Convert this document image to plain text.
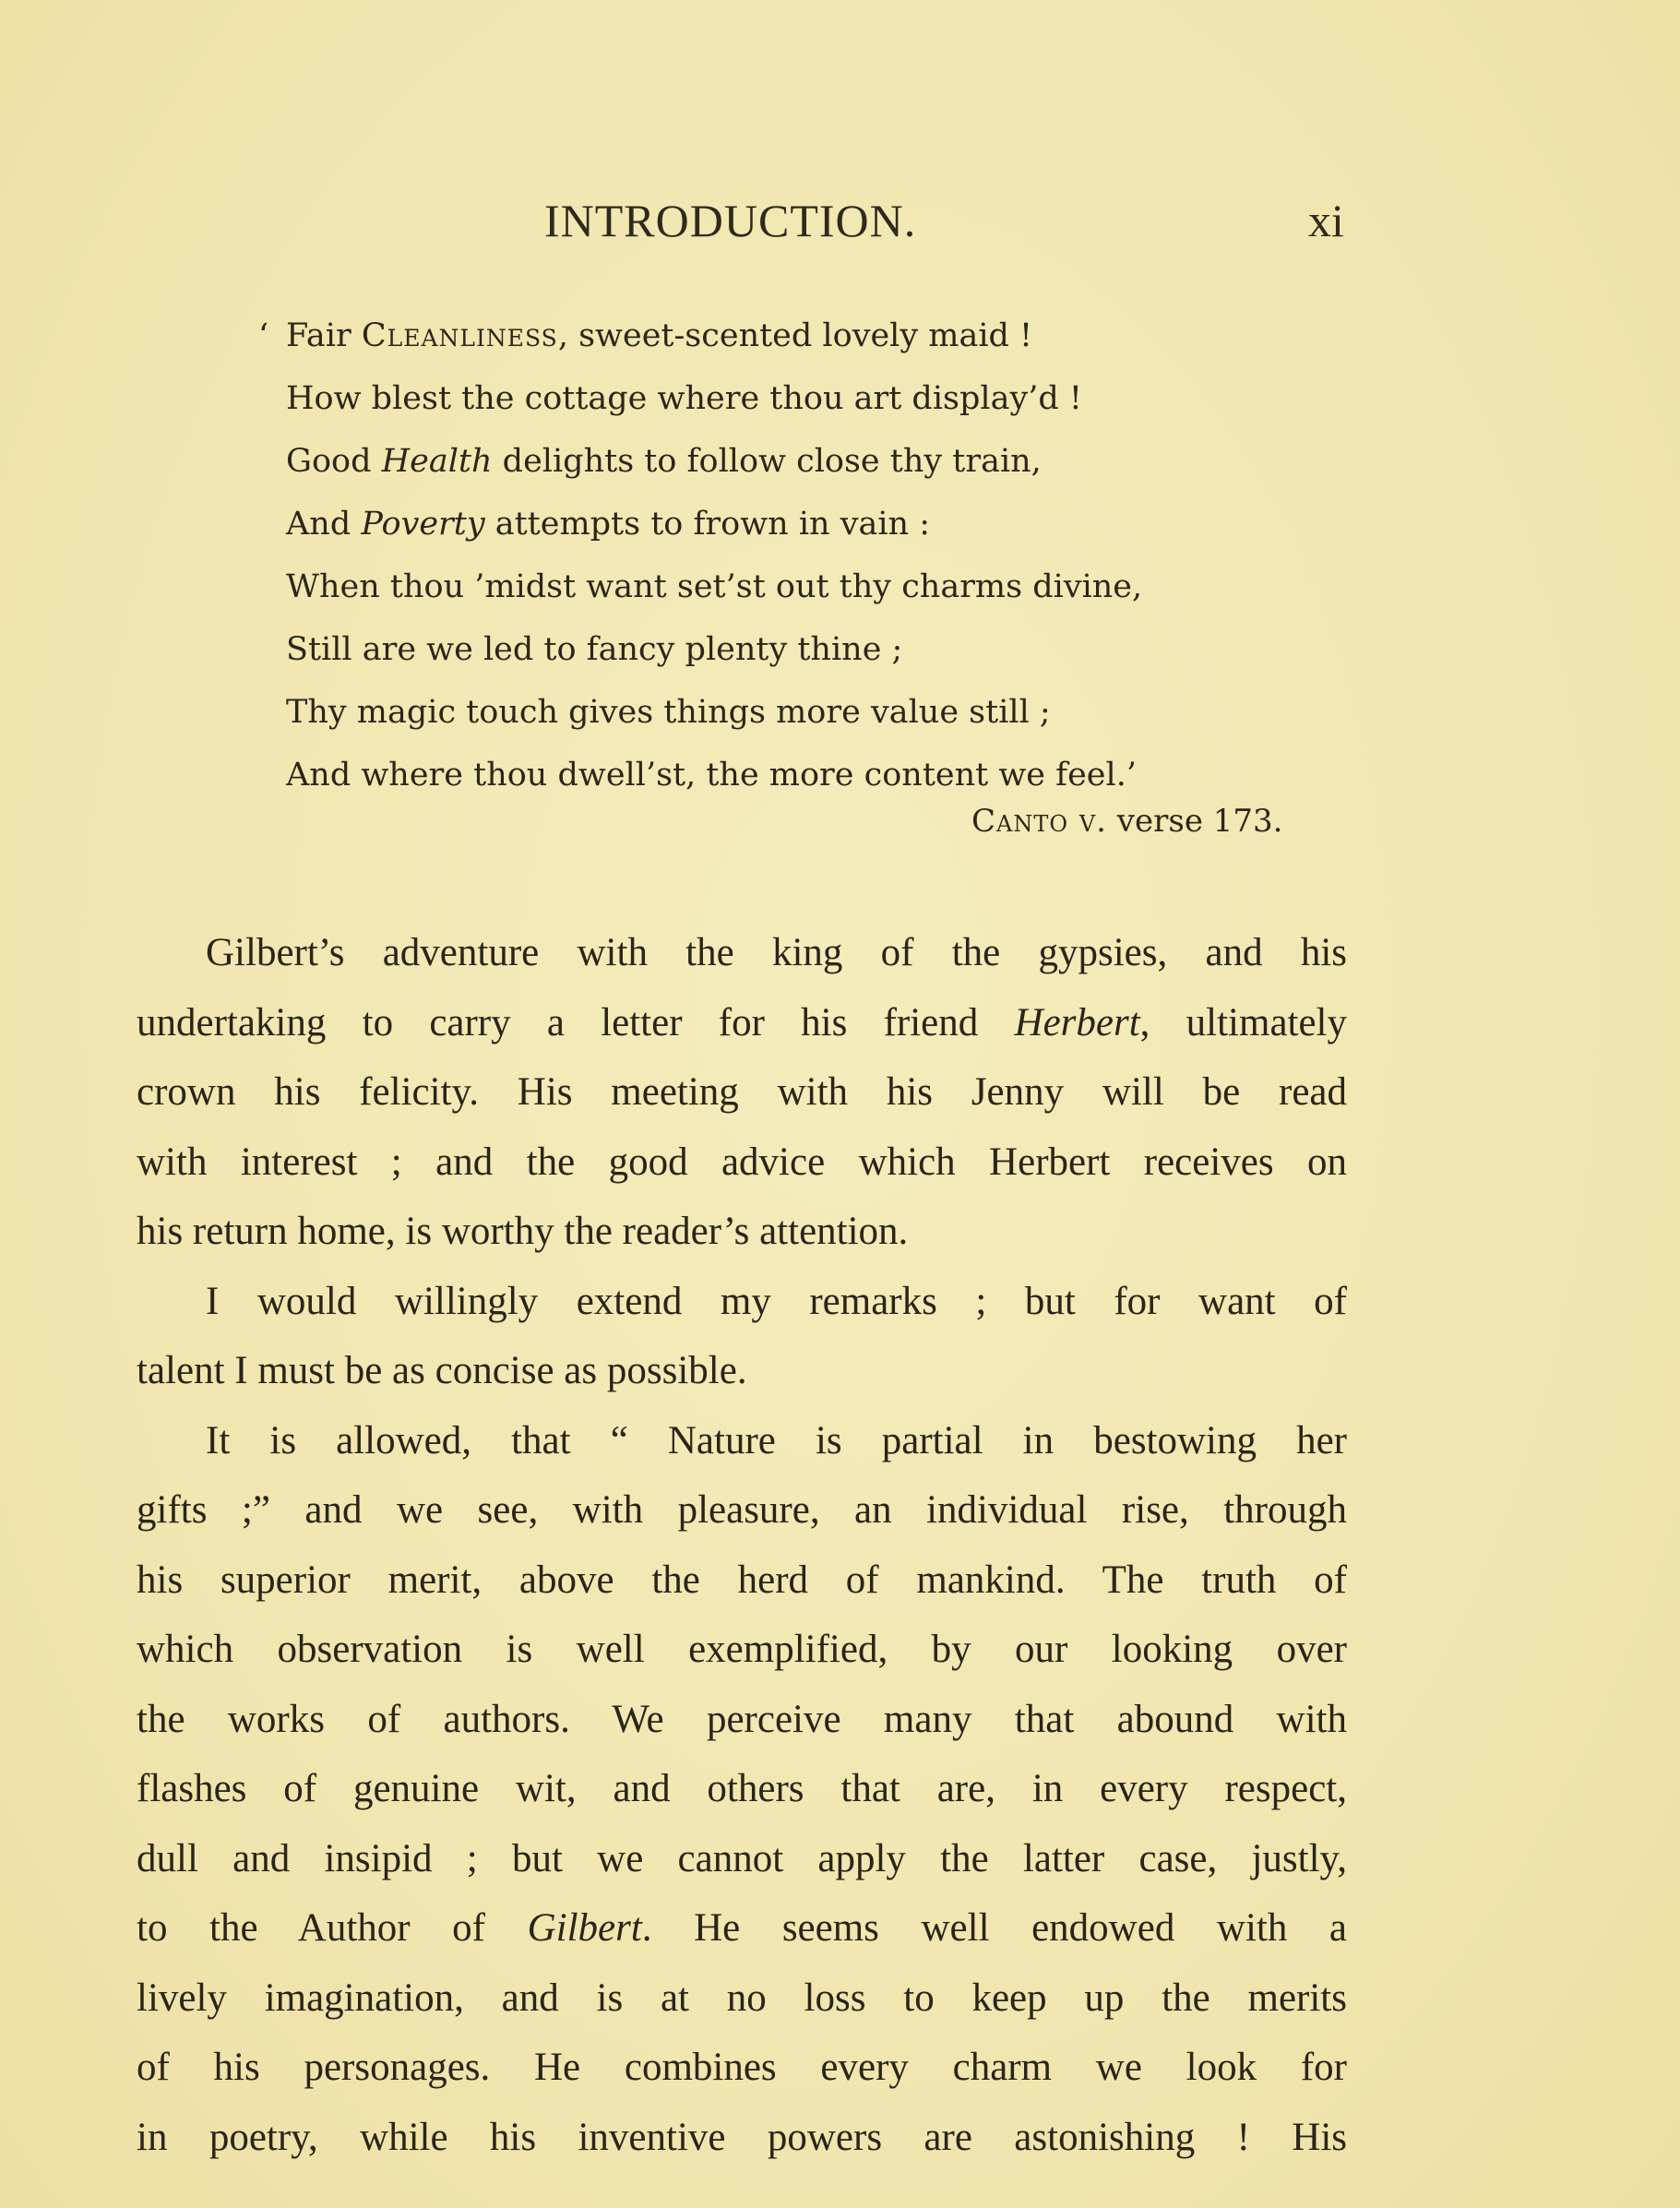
INTRODUCTION.	xi
‘ Fair Cleanliness, sweet-scented lovely maid !
How blest the cottage where thou art display’d !
Good Health delights to follow close thy train,
And Poverty attempts to frown in vain :
When thou ’midst want set’st out thy charms divine,
Still are we led to fancy plenty thine ;
Thy magic touch gives things more value still ;
And where thou dwell’st, the more content we feel.’
Canto v. verse 173.
Gilbert’s adventure with the king of the gypsies, and his
undertaking to carry a letter for his friend Herbert, ultimately
crown his felicity. His meeting with his Jenny will be read
with interest ; and the good advice which Herbert receives on
his return home, is worthy the reader’s attention.
I would willingly extend my remarks ; but for want of
talent I must be as concise as possible.
It is allowed, that “ Nature is partial in bestowing her
gifts ;” and we see, with pleasure, an individual rise, through
his superior merit, above the herd of mankind. The truth of
which observation is well exemplified, by our looking over
the works of authors. We perceive many that abound with
flashes of genuine wit, and others that are, in every respect,
dull and insipid ; but we cannot apply the latter case, justly,
to the Author of Gilbert. He seems well endowed with a
lively imagination, and is at no loss to keep up the merits
of his personages. He combines every charm we look for
in poetry, while his inventive powers are astonishing ! His
